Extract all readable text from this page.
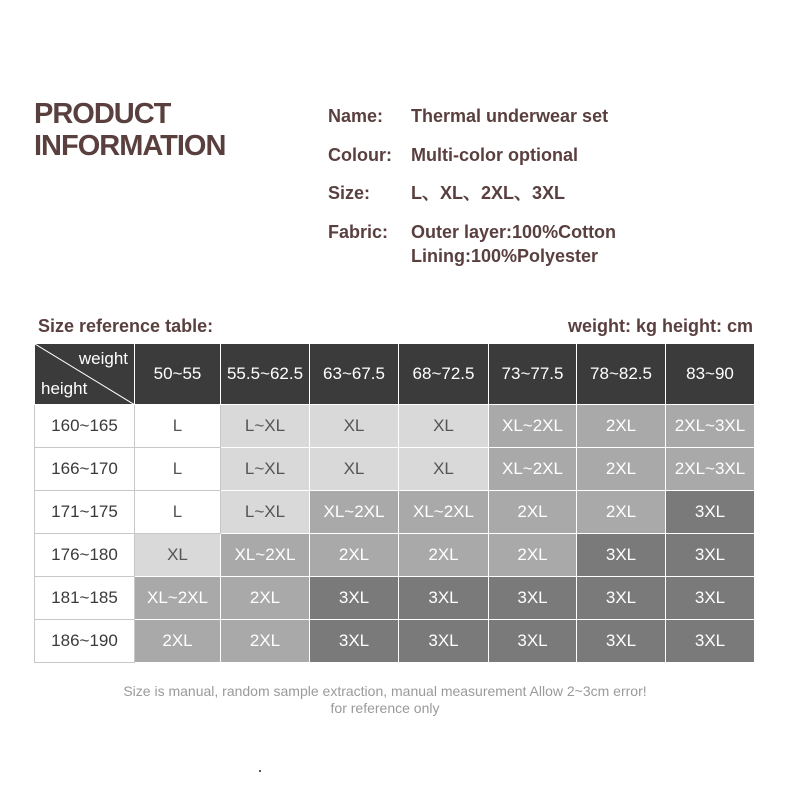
PRODUCT
INFORMATION
Name:	Thermal underwear set
Colour:	Multi-color optional
Size:	L、XL、2XL、3XL
Fabric:	Outer layer:100%Cotton
Lining:100%Polyester
Size reference table:	weight: kg height: cm
weight
height	50~55	55.5~62.5	63~67.5	68~72.5	73~77.5	78~82.5	83~90
160~165	L	L~XL	XL	XL	XL~2XL	2XL	2XL~3XL
166~170	L	L~XL	XL	XL	XL~2XL	2XL	2XL~3XL
171~175	L	L~XL	XL~2XL	XL~2XL	2XL	2XL	3XL
176~180	XL	XL~2XL	2XL	2XL	2XL	3XL	3XL
181~185	XL~2XL	2XL	3XL	3XL	3XL	3XL	3XL
186~190	2XL	2XL	3XL	3XL	3XL	3XL	3XL
Size is manual, random sample extraction, manual measurement Allow 2~3cm error!
for reference only
